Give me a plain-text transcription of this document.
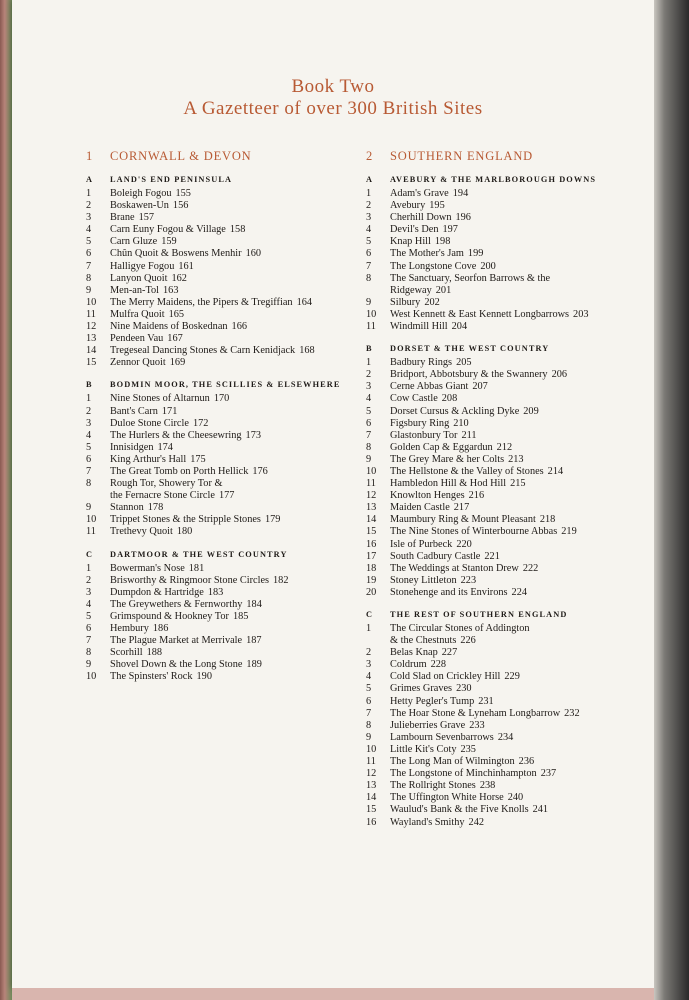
Book Two
A Gazetteer of over 300 British Sites
1 CORNWALL & DEVON
A LAND'S END PENINSULA
1	Boleigh Fogou 155
2	Boskawen-Un 156
3	Brane 157
4	Carn Euny Fogou & Village 158
5	Carn Gluze 159
6	Chûn Quoit & Boswens Menhir 160
7	Halligye Fogou 161
8	Lanyon Quoit 162
9	Men-an-Tol 163
10	The Merry Maidens, the Pipers & Tregiffian 164
11	Mulfra Quoit 165
12	Nine Maidens of Boskednan 166
13	Pendeen Vau 167
14	Tregeseal Dancing Stones & Carn Kenidjack 168
15	Zennor Quoit 169
B BODMIN MOOR, THE SCILLIES & ELSEWHERE
1	Nine Stones of Altarnun 170
2	Bant's Carn 171
3	Duloe Stone Circle 172
4	The Hurlers & the Cheesewring 173
5	Innisidgen 174
6	King Arthur's Hall 175
7	The Great Tomb on Porth Hellick 176
8	Rough Tor, Showery Tor &
the Fernacre Stone Circle 177
9	Stannon 178
10	Trippet Stones & the Stripple Stones 179
11	Trethevy Quoit 180
C DARTMOOR & THE WEST COUNTRY
1	Bowerman's Nose 181
2	Brisworthy & Ringmoor Stone Circles 182
3	Dumpdon & Hartridge 183
4	The Greywethers & Fernworthy 184
5	Grimspound & Hookney Tor 185
6	Hembury 186
7	The Plague Market at Merrivale 187
8	Scorhill 188
9	Shovel Down & the Long Stone 189
10	The Spinsters' Rock 190
2 SOUTHERN ENGLAND
A AVEBURY & THE MARLBOROUGH DOWNS
1	Adam's Grave 194
2	Avebury 195
3	Cherhill Down 196
4	Devil's Den 197
5	Knap Hill 198
6	The Mother's Jam 199
7	The Longstone Cove 200
8	The Sanctuary, Seorfon Barrows & the
Ridgeway 201
9	Silbury 202
10	West Kennett & East Kennett Longbarrows 203
11	Windmill Hill 204
B DORSET & THE WEST COUNTRY
1	Badbury Rings 205
2	Bridport, Abbotsbury & the Swannery 206
3	Cerne Abbas Giant 207
4	Cow Castle 208
5	Dorset Cursus & Ackling Dyke 209
6	Figsbury Ring 210
7	Glastonbury Tor 211
8	Golden Cap & Eggardun 212
9	The Grey Mare & her Colts 213
10	The Hellstone & the Valley of Stones 214
11	Hambledon Hill & Hod Hill 215
12	Knowlton Henges 216
13	Maiden Castle 217
14	Maumbury Ring & Mount Pleasant 218
15	The Nine Stones of Winterbourne Abbas 219
16	Isle of Purbeck 220
17	South Cadbury Castle 221
18	The Weddings at Stanton Drew 222
19	Stoney Littleton 223
20	Stonehenge and its Environs 224
C THE REST OF SOUTHERN ENGLAND
1	The Circular Stones of Addington
& the Chestnuts 226
2	Belas Knap 227
3	Coldrum 228
4	Cold Slad on Crickley Hill 229
5	Grimes Graves 230
6	Hetty Pegler's Tump 231
7	The Hoar Stone & Lyneham Longbarrow 232
8	Julieberries Grave 233
9	Lambourn Sevenbarrows 234
10	Little Kit's Coty 235
11	The Long Man of Wilmington 236
12	The Longstone of Minchinhampton 237
13	The Rollright Stones 238
14	The Uffington White Horse 240
15	Waulud's Bank & the Five Knolls 241
16	Wayland's Smithy 242
